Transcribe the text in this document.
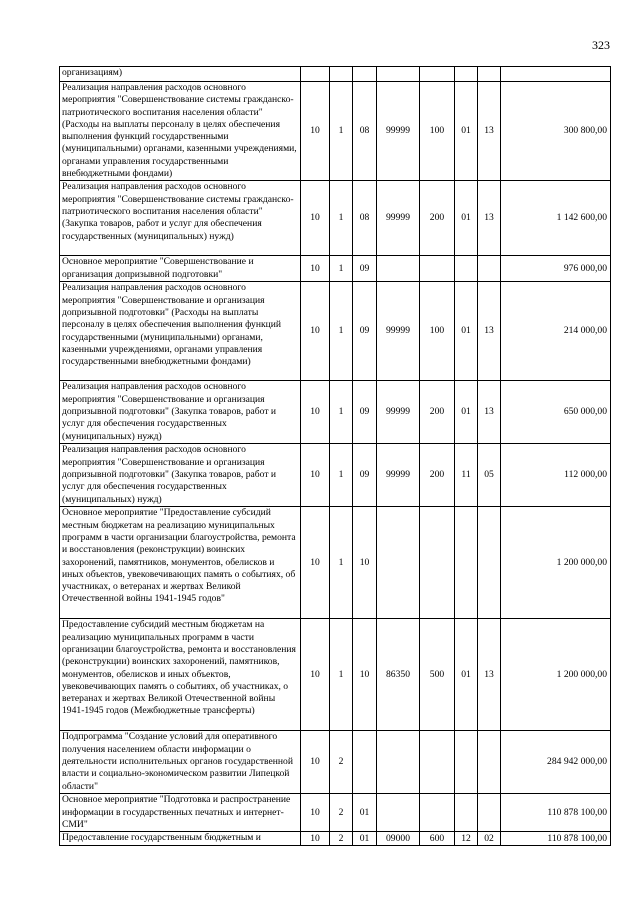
323
организациям)								
Реализация направления расходов основного мероприятия "Совершенствование системы гражданско-патриотического воспитания населения области" (Расходы на выплаты персоналу в целях обеспечения выполнения функций государственными (муниципальными) органами, казенными учреждениями, органами управления государственными внебюджетными фондами)	10	1	08	99999	100	01	13	300 800,00
Реализация направления расходов основного мероприятия "Совершенствование системы гражданско-патриотического воспитания населения области" (Закупка товаров, работ и услуг для обеспечения государственных (муниципальных) нужд)	10	1	08	99999	200	01	13	1 142 600,00
Основное мероприятие "Совершенствование и организация допризывной подготовки"	10	1	09					976 000,00
Реализация направления расходов основного мероприятия "Совершенствование и организация допризывной подготовки" (Расходы на выплаты персоналу в целях обеспечения выполнения функций государственными (муниципальными) органами, казенными учреждениями, органами управления государственными внебюджетными фондами)	10	1	09	99999	100	01	13	214 000,00
Реализация направления расходов основного мероприятия "Совершенствование и организация допризывной подготовки" (Закупка товаров, работ и услуг для обеспечения государственных (муниципальных) нужд)	10	1	09	99999	200	01	13	650 000,00
Реализация направления расходов основного мероприятия "Совершенствование и организация допризывной подготовки" (Закупка товаров, работ и услуг для обеспечения государственных (муниципальных) нужд)	10	1	09	99999	200	11	05	112 000,00
Основное мероприятие "Предоставление субсидий местным бюджетам на реализацию муниципальных программ в части организации благоустройства, ремонта и восстановления (реконструкции) воинских захоронений, памятников, монументов, обелисков и иных объектов, увековечивающих память о событиях, об участниках, о ветеранах и жертвах Великой Отечественной войны 1941-1945 годов"	10	1	10					1 200 000,00
Предоставление субсидий местным бюджетам на реализацию муниципальных программ в части организации благоустройства, ремонта и восстановления (реконструкции) воинских захоронений, памятников, монументов, обелисков и иных объектов, увековечивающих память о событиях, об участниках, о ветеранах и жертвах Великой Отечественной войны 1941-1945 годов (Межбюджетные трансферты)	10	1	10	86350	500	01	13	1 200 000,00
Подпрограмма "Создание условий для оперативного получения населением области информации о деятельности исполнительных органов государственной власти и социально-экономическом развитии Липецкой области"	10	2						284 942 000,00
Основное мероприятие "Подготовка и распространение информации в государственных печатных и интернет-СМИ"	10	2	01					110 878 100,00
Предоставление государственным бюджетным и	10	2	01	09000	600	12	02	110 878 100,00
